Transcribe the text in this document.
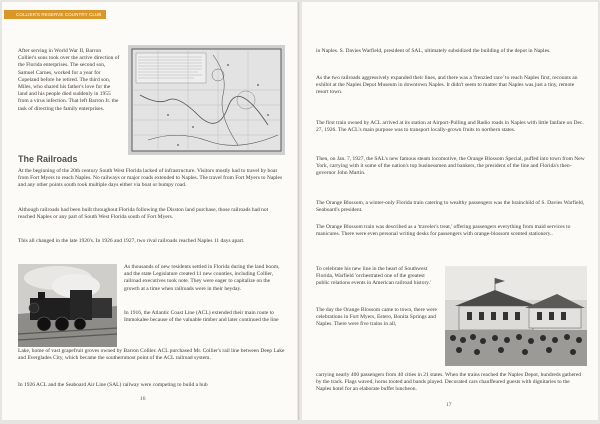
COLLIER'S RESERVE COUNTRY CLUB

After serving in World War II, Barron Collier's sons took over the active direction of the Florida enterprises. The second son, Samuel Carnes, worked for a year for Copeland before he retired. The third son, Miles, who shared his father's love for the land and his people died suddenly in 1955 from a virus infection. That left Barron Jr. the task of directing the family enterprises.

The Railroads

At the beginning of the 20th century South West Florida lacked of infrastructure. Visitors mostly had to travel by boat from Fort Myers to reach Naples. No railways or major roads extended to Naples. The travel from Fort Myers to Naples and any other points south took multiple days either via boat or bumpy road.

Although railroads had been built throughout Florida following the Disston land purchase, those railroads had not reached Naples or any part of South West Florida south of Fort Myers.

This all changed in the late 1920's. In 1926 and 1927, two rival railroads reached Naples 11 days apart.

As thousands of new residents settled in Florida during the land boom, and the state Legislature created 11 new counties, including Collier, railroad executives took note. They were eager to capitalize on the growth at a time when railroads were in their heyday.

In 1916, the Atlantic Coast Line (ACL) extended their main route to Immokalee because of the valuable timber and later continued the line

Lake, home of vast grapefruit groves owned by Barron Collier. ACL purchased Mr. Collier's rail line between Deep Lake and Everglades City, which became the southernmost point of the ACL railroad system.

In 1926 ACL and the Seaboard Air Line (SAL) railway were competing to build a hub

16

in Naples. S. Davies Warfield, president of SAL, ultimately subsidized the building of the depot in Naples.

As the two railroads aggressively expanded their lines, and there was a 'frenzied race' to reach Naples first, recounts an exhibit at the Naples Depot Museum in downtown Naples. It didn't seem to matter that Naples was just a tiny, remote resort town.

The first train owned by ACL arrived at its station at Airport-Pulling and Radio roads in Naples with little fanfare on Dec. 27, 1926. The ACL's main purpose was to transport locally-grown fruits to northern states.

Then, on Jan. 7, 1927, the SAL's new famous steam locomotive, the Orange Blossom Special, puffed into town from New York, carrying with it some of the nation's top businessmen and bankers, the president of the line and Florida's then-governor John Martin.

The Orange Blossom, a winter-only Florida train catering to wealthy passengers was the brainchild of S. Davies Warfield, Seaboard's president.

The Orange Blossom train was described as a 'traveler's treat,' offering passengers everything from maid services to manicures. There were even personal writing desks for passengers with orange-blossom scented stationery..

To celebrate his new line in the heart of Southwest Florida, Warfield 'orchestrated one of the greatest public relations events in American railroad history.'

The day the Orange Blossom came to town, there were celebrations in Fort Myers, Estero, Bonita Springs and Naples. There were five trains in all,

carrying nearly 400 passengers from 40 cities in 21 states. When the trains reached the Naples Depot, hundreds gathered by the track. Flags waved, horns tooted and bands played. Decorated cars chauffeured guests with dignitaries to the Naples hotel for an elaborate buffet luncheon.

17
